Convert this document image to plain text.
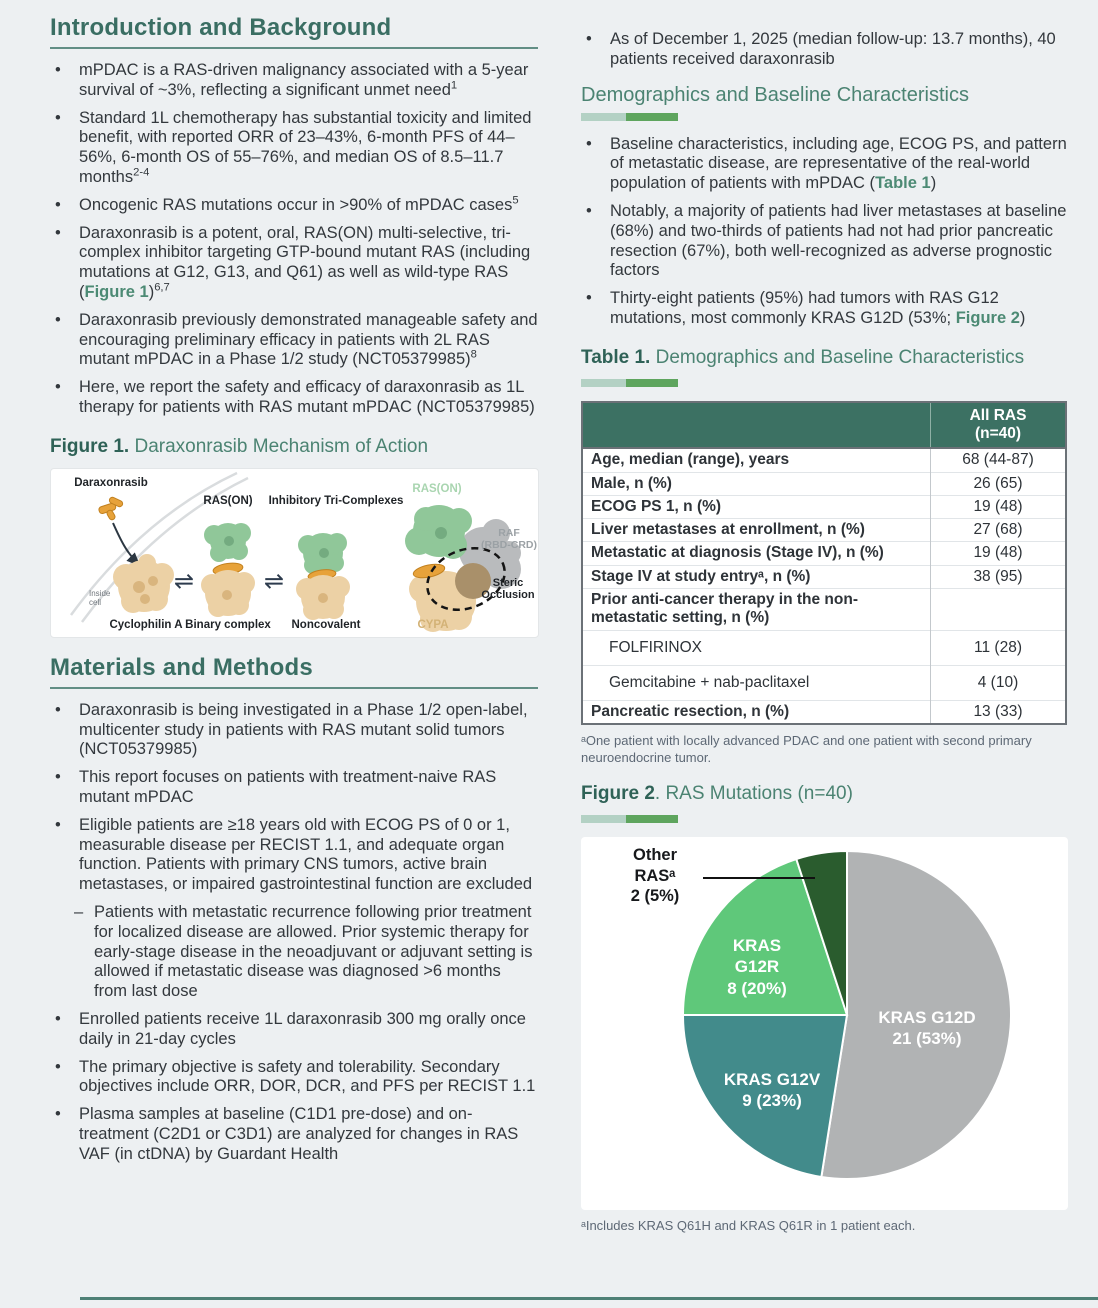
Introduction and Background
•	mPDAC is a RAS-driven malignancy associated with a 5-year survival of ~3%, reflecting a significant unmet need$^1$
•	Standard 1L chemotherapy has substantial toxicity and limited benefit, with reported ORR of 23–43%, 6-month PFS of 44–56%, 6-month OS of 55–76%, and median OS of 8.5–11.7 months$^{2-4}$
•	Oncogenic RAS mutations occur in >90% of mPDAC cases$^5$
•	Daraxonrasib is a potent, oral, RAS(ON) multi-selective, tri-complex inhibitor targeting GTP-bound mutant RAS (including mutations at G12, G13, and Q61) as well as wild-type RAS (Figure 1)$^{6,7}$
•	Daraxonrasib previously demonstrated manageable safety and encouraging preliminary efficacy in patients with 2L RAS mutant mPDAC in a Phase 1/2 study $(NCT05379985)^8$
•	Here, we report the safety and efficacy of daraxonrasib as 1L therapy for patients with RAS mutant mPDAC (NCT05379985)
Figure 1. Daraxonrasib Mechanism of Action
⇌	⇌
Daraxonrasib
Inside
cell
RAS(ON)	Inhibitory Tri-Complexes
RAS(ON)
RAF
(RBD-CRD)
Steric
Occlusion
CYPA
Cyclophilin A Binary complex	Noncovalent
Materials and Methods
•	Daraxonrasib is being investigated in a Phase 1/2 open-label, multicenter study in patients with RAS mutant solid tumors (NCT05379985)
•	This report focuses on patients with treatment-naive RAS mutant mPDAC
•	Eligible patients are ≥18 years old with ECOG PS of 0 or 1, measurable disease per RECIST 1.1, and adequate organ function. Patients with primary CNS tumors, active brain metastases, or impaired gastrointestinal function are excluded
– Patients with metastatic recurrence following prior treatment for localized disease are allowed. Prior systemic therapy for early-stage disease in the neoadjuvant or adjuvant setting is allowed if metastatic disease was diagnosed >6 months from last dose
•	Enrolled patients receive 1L daraxonrasib 300 mg orally once daily in 21-day cycles
•	The primary objective is safety and tolerability. Secondary objectives include ORR, DOR, DCR, and PFS per RECIST 1.1
•	Plasma samples at baseline (C1D1 pre-dose) and on-treatment (C2D1 or C3D1) are analyzed for changes in RAS VAF (in ctDNA) by Guardant Health
•	As of December 1, 2025 (median follow-up: 13.7 months), 40 patients received daraxonrasib
Demographics and Baseline Characteristics
•	Baseline characteristics, including age, ECOG PS, and pattern of metastatic disease, are representative of the real-world population of patients with mPDAC (Table 1)
•	Notably, a majority of patients had liver metastases at baseline (68%) and two-thirds of patients had not had prior pancreatic resection (67%), both well-recognized as adverse prognostic factors
•	Thirty-eight patients (95%) had tumors with RAS G12 mutations, most commonly KRAS G12D (53%; Figure 2)
Table 1. Demographics and Baseline Characteristics
	All RAS
(n=40)
Age, median (range), years	68 (44-87)
Male, n (%)	26 (65)
ECOG PS 1, n (%)	19 (48)
Liver metastases at enrollment, n (%)	27 (68)
Metastatic at diagnosis (Stage IV), n (%)	19 (48)
Stage IV at study entryᵃ, n (%)	38 (95)
Prior anti-cancer therapy in the non-metastatic setting, n (%)	
FOLFIRINOX	11 (28)
Gemcitabine + nab-paclitaxel	4 (10)
Pancreatic resection, n (%)	13 (33)
ᵃOne patient with locally advanced PDAC and one patient with second primary neuroendocrine tumor.
Figure 2. RAS Mutations (n=40)
Other
RASᵃ
2 (5%)
KRAS
G12R
8 (20%)
KRAS G12D
21 (53%)
KRAS G12V
9 (23%)
ᵃIncludes KRAS Q61H and KRAS Q61R in 1 patient each.
